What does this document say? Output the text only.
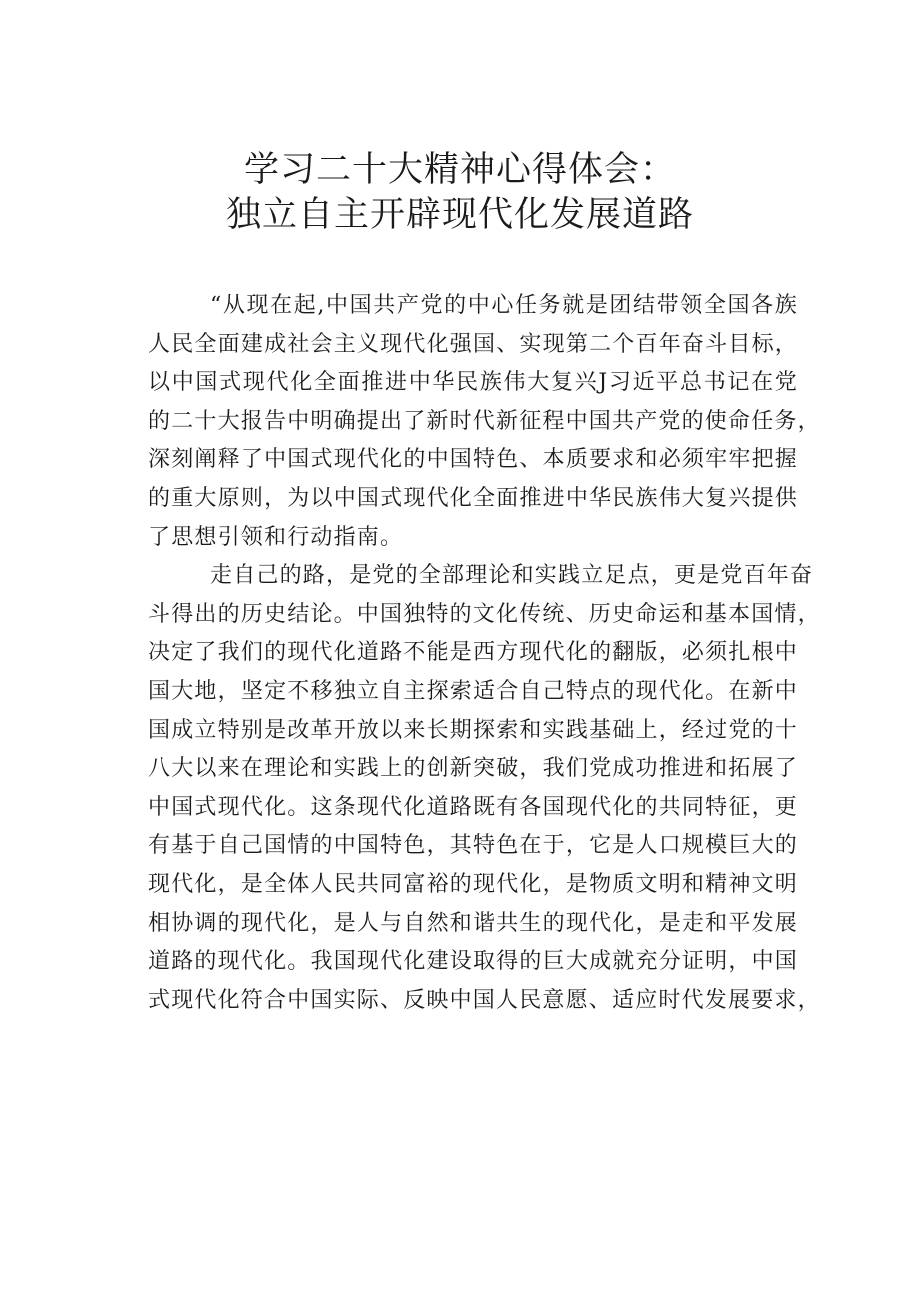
学习二十大精神心得体会：
独立自主开辟现代化发展道路
“从现在起,中国共产党的中心任务就是团结带领全国各族
人民全面建成社会主义现代化强国、实现第二个百年奋斗目标，
以中国式现代化全面推进中华民族伟大复兴J习近平总书记在党
的二十大报告中明确提出了新时代新征程中国共产党的使命任务，
深刻阐释了中国式现代化的中国特色、本质要求和必须牢牢把握
的重大原则，为以中国式现代化全面推进中华民族伟大复兴提供
了思想引领和行动指南。
走自己的路，是党的全部理论和实践立足点，更是党百年奋
斗得出的历史结论。中国独特的文化传统、历史命运和基本国情，
决定了我们的现代化道路不能是西方现代化的翻版，必须扎根中
国大地，坚定不移独立自主探索适合自己特点的现代化。在新中
国成立特别是改革开放以来长期探索和实践基础上，经过党的十
八大以来在理论和实践上的创新突破，我们党成功推进和拓展了
中国式现代化。这条现代化道路既有各国现代化的共同特征，更
有基于自己国情的中国特色，其特色在于，它是人口规模巨大的
现代化，是全体人民共同富裕的现代化，是物质文明和精神文明
相协调的现代化，是人与自然和谐共生的现代化，是走和平发展
道路的现代化。我国现代化建设取得的巨大成就充分证明，中国
式现代化符合中国实际、反映中国人民意愿、适应时代发展要求，
